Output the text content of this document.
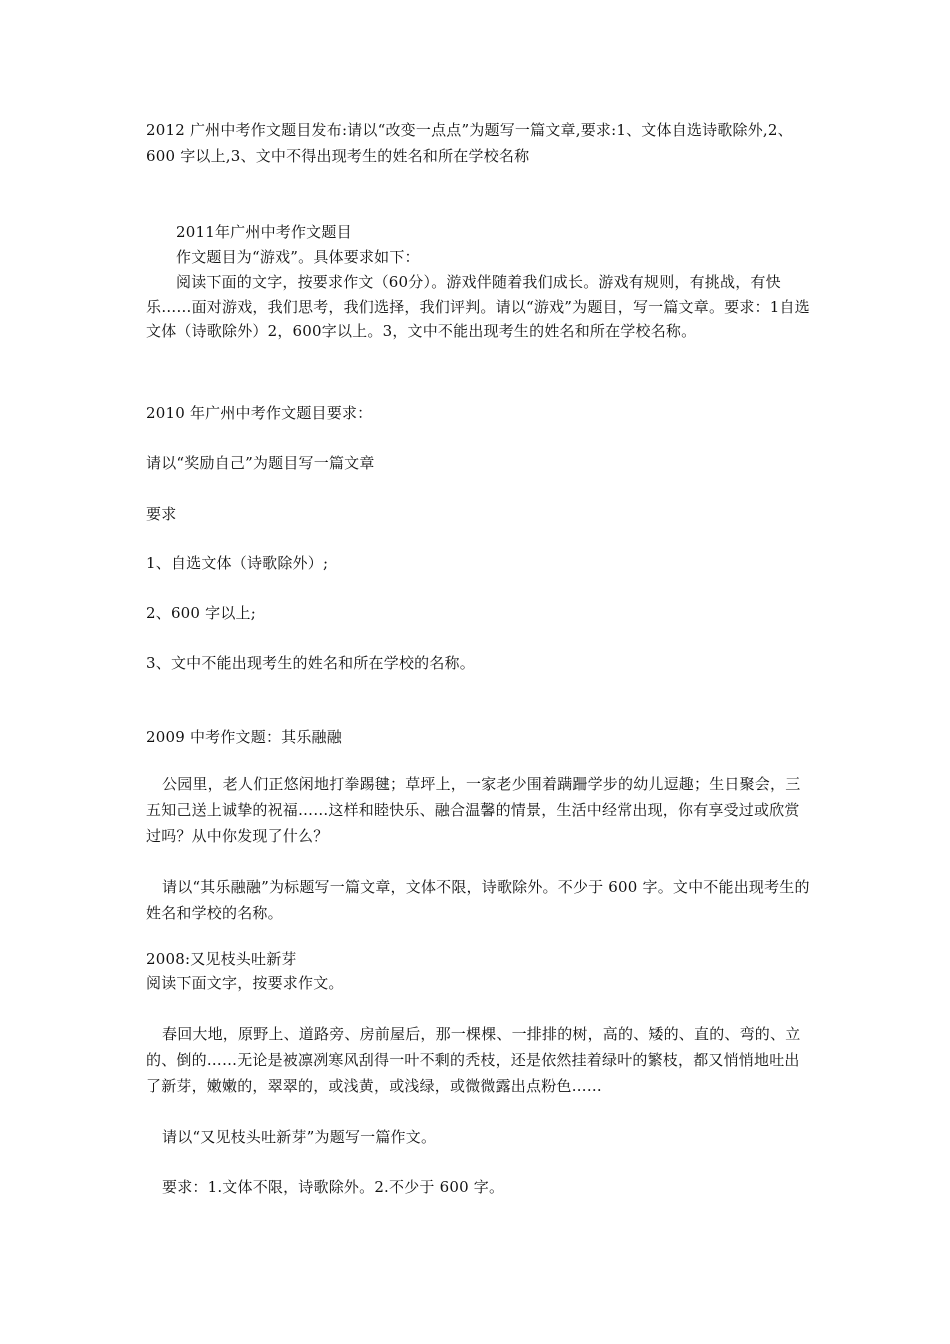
2012 广州中考作文题目发布:请以“改变一点点”为题写一篇文章,要求:1、文体自选诗歌除外,2、600 字以上,3、文中不得出现考生的姓名和所在学校名称

2011年广州中考作文题目

作文题目为“游戏”。具体要求如下：

阅读下面的文字，按要求作文（60分）。游戏伴随着我们成长。游戏有规则，有挑战，有快乐……面对游戏，我们思考，我们选择，我们评判。请以“游戏”为题目，写一篇文章。要求：1自选文体（诗歌除外）2，600字以上。3，文中不能出现考生的姓名和所在学校名称。

2010 年广州中考作文题目要求：

请以“奖励自己”为题目写一篇文章

要求

1、自选文体（诗歌除外）;

2、600 字以上;

3、文中不能出现考生的姓名和所在学校的名称。

2009 中考作文题：其乐融融

公园里，老人们正悠闲地打拳踢毽；草坪上，一家老少围着蹒跚学步的幼儿逗趣；生日聚会，三五知己送上诚挚的祝福……这样和睦快乐、融合温馨的情景，生活中经常出现，你有享受过或欣赏过吗？从中你发现了什么？

请以“其乐融融”为标题写一篇文章，文体不限，诗歌除外。不少于 600 字。文中不能出现考生的姓名和学校的名称。

2008:又见枝头吐新芽

阅读下面文字，按要求作文。

春回大地，原野上、道路旁、房前屋后，那一棵棵、一排排的树，高的、矮的、直的、弯的、立的、倒的……无论是被凛冽寒风刮得一叶不剩的秃枝，还是依然挂着绿叶的繁枝，都又悄悄地吐出了新芽，嫩嫩的，翠翠的，或浅黄，或浅绿，或微微露出点粉色……

请以“又见枝头吐新芽”为题写一篇作文。

要求：1.文体不限，诗歌除外。2.不少于 600 字。
